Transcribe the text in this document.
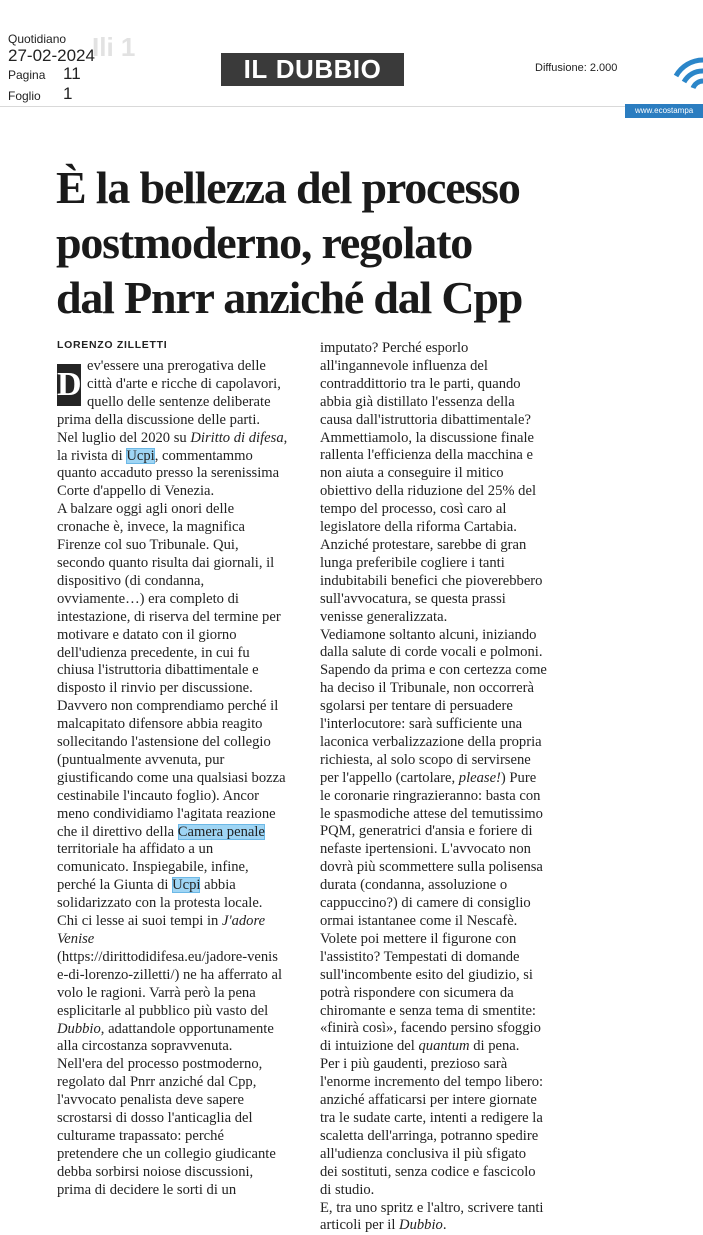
Quotidiano
27-02-2024
Ili 1
Pagina 11
Foglio 1
IL DUBBIO	Diffusione: 2.000
www.ecostampa
È la bellezza del processo
postmoderno, regolato
dal Pnrr anziché dal Cpp
LORENZO ZILLETTI
D ev'essere una prerogativa delle
città d'arte e ricche di capolavori,
quello delle sentenze deliberate
prima della discussione delle parti.
Nel luglio del 2020 su Diritto di difesa,
la rivista di Ucpi, commentammo
quanto accaduto presso la serenissima
Corte d'appello di Venezia.
A balzare oggi agli onori delle
cronache è, invece, la magnifica
Firenze col suo Tribunale. Qui,
secondo quanto risulta dai giornali, il
dispositivo (di condanna,
ovviamente…) era completo di
intestazione, di riserva del termine per
motivare e datato con il giorno
dell'udienza precedente, in cui fu
chiusa l'istruttoria dibattimentale e
disposto il rinvio per discussione.
Davvero non comprendiamo perché il
malcapitato difensore abbia reagito
sollecitando l'astensione del collegio
(puntualmente avvenuta, pur
giustificando come una qualsiasi bozza
cestinabile l'incauto foglio). Ancor
meno condividiamo l'agitata reazione
che il direttivo della Camera penale
territoriale ha affidato a un
comunicato. Inspiegabile, infine,
perché la Giunta di Ucpi abbia
solidarizzato con la protesta locale.
Chi ci lesse ai suoi tempi in J'adore
Venise
(https://dirittodidifesa.eu/jadore-venis
e-di-lorenzo-zilletti/) ne ha afferrato al
volo le ragioni. Varrà però la pena
esplicitarle al pubblico più vasto del
Dubbio, adattandole opportunamente
alla circostanza sopravvenuta.
Nell'era del processo postmoderno,
regolato dal Pnrr anziché dal Cpp,
l'avvocato penalista deve sapere
scrostarsi di dosso l'anticaglia del
culturame trapassato: perché
pretendere che un collegio giudicante
debba sorbirsi noiose discussioni,
prima di decidere le sorti di un
imputato? Perché esporlo
all'ingannevole influenza del
contraddittorio tra le parti, quando
abbia già distillato l'essenza della
causa dall'istruttoria dibattimentale?
Ammettiamolo, la discussione finale
rallenta l'efficienza della macchina e
non aiuta a conseguire il mitico
obiettivo della riduzione del 25% del
tempo del processo, così caro al
legislatore della riforma Cartabia.
Anziché protestare, sarebbe di gran
lunga preferibile cogliere i tanti
indubitabili benefici che pioverebbero
sull'avvocatura, se questa prassi
venisse generalizzata.
Vediamone soltanto alcuni, iniziando
dalla salute di corde vocali e polmoni.
Sapendo da prima e con certezza come
ha deciso il Tribunale, non occorrerà
sgolarsi per tentare di persuadere
l'interlocutore: sarà sufficiente una
laconica verbalizzazione della propria
richiesta, al solo scopo di servirsene
per l'appello (cartolare, please!) Pure
le coronarie ringrazieranno: basta con
le spasmodiche attese del temutissimo
PQM, generatrici d'ansia e foriere di
nefaste ipertensioni. L'avvocato non
dovrà più scommettere sulla polisensa
durata (condanna, assoluzione o
cappuccino?) di camere di consiglio
ormai istantanee come il Nescafè.
Volete poi mettere il figurone con
l'assistito? Tempestati di domande
sull'incombente esito del giudizio, si
potrà rispondere con sicumera da
chiromante e senza tema di smentite:
«finirà così», facendo persino sfoggio
di intuizione del quantum di pena.
Per i più gaudenti, prezioso sarà
l'enorme incremento del tempo libero:
anziché affaticarsi per intere giornate
tra le sudate carte, intenti a redigere la
scaletta dell'arringa, potranno spedire
all'udienza conclusiva il più sfigato
dei sostituti, senza codice e fascicolo
di studio.
E, tra uno spritz e l'altro, scrivere tanti
articoli per il Dubbio.
